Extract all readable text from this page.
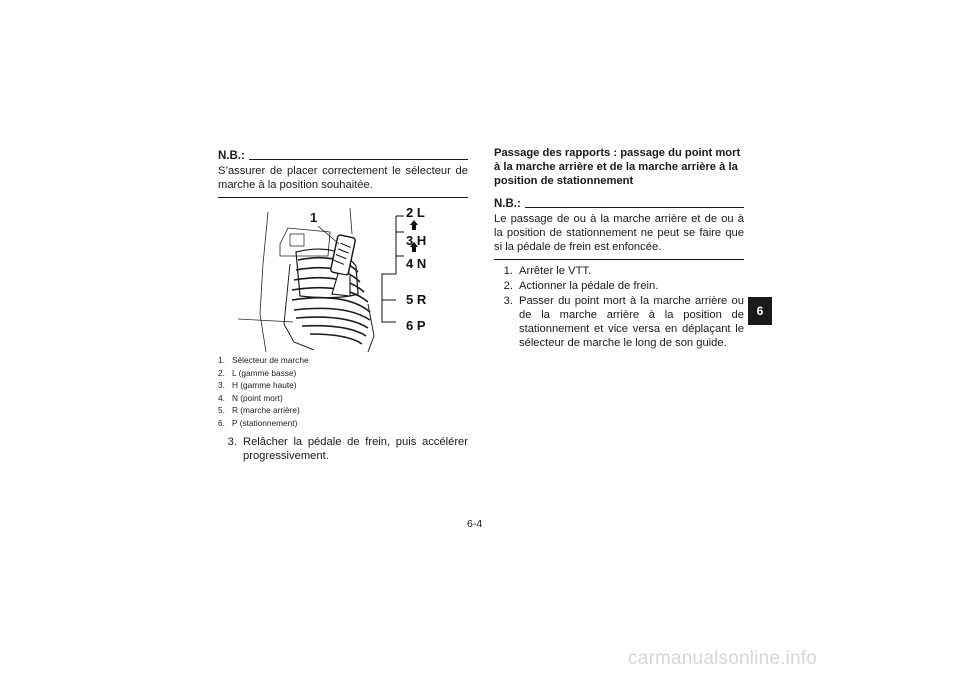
N.B.:
S’assurer de placer correctement le sélecteur de marche à la position souhaitée.
1	2 L
3 H
4 N
5 R
6 P
1. Sélecteur de marche
2. L (gamme basse)
3. H (gamme haute)
4. N (point mort)
5. R (marche arrière)
6. P (stationnement)
3. Relâcher la pédale de frein, puis accélérer progressivement.
Passage des rapports : passage du point mort à la marche arrière et de la marche arrière à la position de stationnement
N.B.:
Le passage de ou à la marche arrière et de ou à la position de stationnement ne peut se faire que si la pédale de frein est enfoncée.
1. Arrêter le VTT.
2. Actionner la pédale de frein.
3. Passer du point mort à la marche arrière ou de la marche arrière à la position de stationnement et vice versa en déplaçant le sélecteur de marche le long de son guide.
6
6-4
carmanualsonline.info
